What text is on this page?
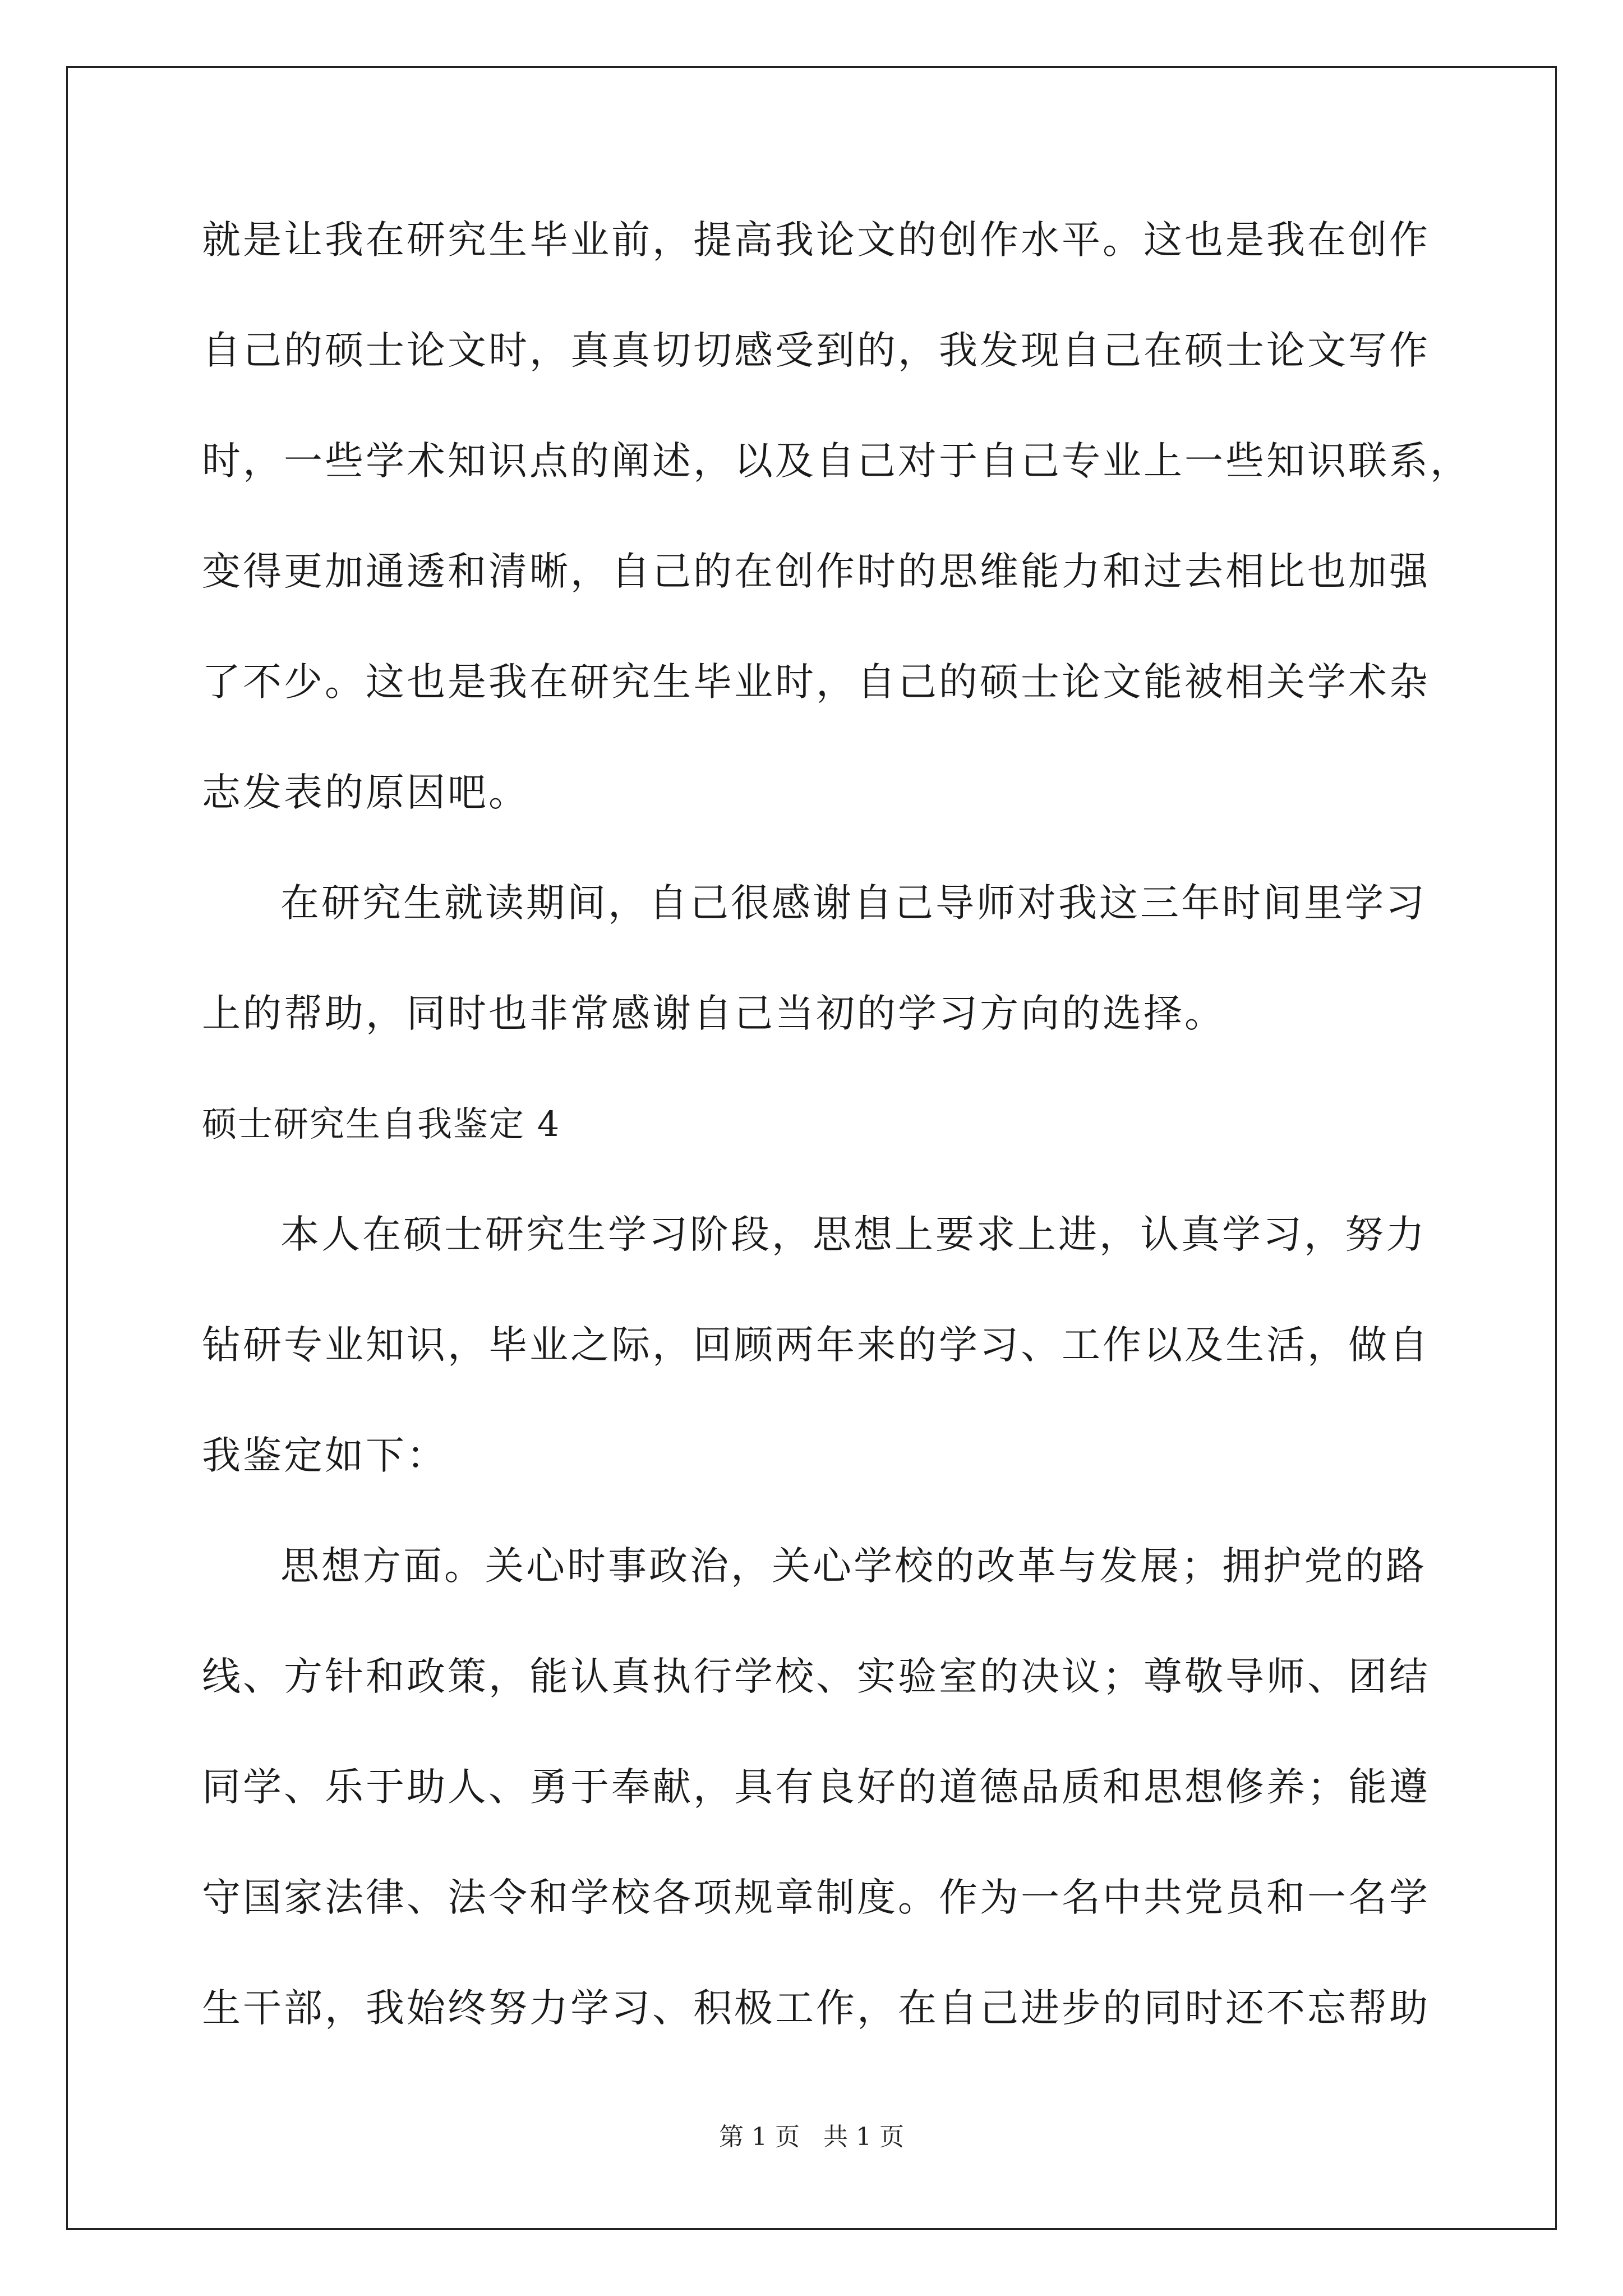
就是让我在研究生毕业前，提高我论文的创作水平。这也是我在创作
自己的硕士论文时，真真切切感受到的，我发现自己在硕士论文写作
时，一些学术知识点的阐述，以及自己对于自己专业上一些知识联系，
变得更加通透和清晰，自己的在创作时的思维能力和过去相比也加强
了不少。这也是我在研究生毕业时，自己的硕士论文能被相关学术杂
志发表的原因吧。
在研究生就读期间，自己很感谢自己导师对我这三年时间里学习
上的帮助，同时也非常感谢自己当初的学习方向的选择。
硕士研究生自我鉴定 4
本人在硕士研究生学习阶段，思想上要求上进，认真学习，努力
钻研专业知识，毕业之际，回顾两年来的学习、工作以及生活，做自
我鉴定如下：
思想方面。关心时事政治，关心学校的改革与发展；拥护党的路
线、方针和政策，能认真执行学校、实验室的决议；尊敬导师、团结
同学、乐于助人、勇于奉献，具有良好的道德品质和思想修养；能遵
守国家法律、法令和学校各项规章制度。作为一名中共党员和一名学
生干部，我始终努力学习、积极工作，在自己进步的同时还不忘帮助
第 1 页   共 1 页
